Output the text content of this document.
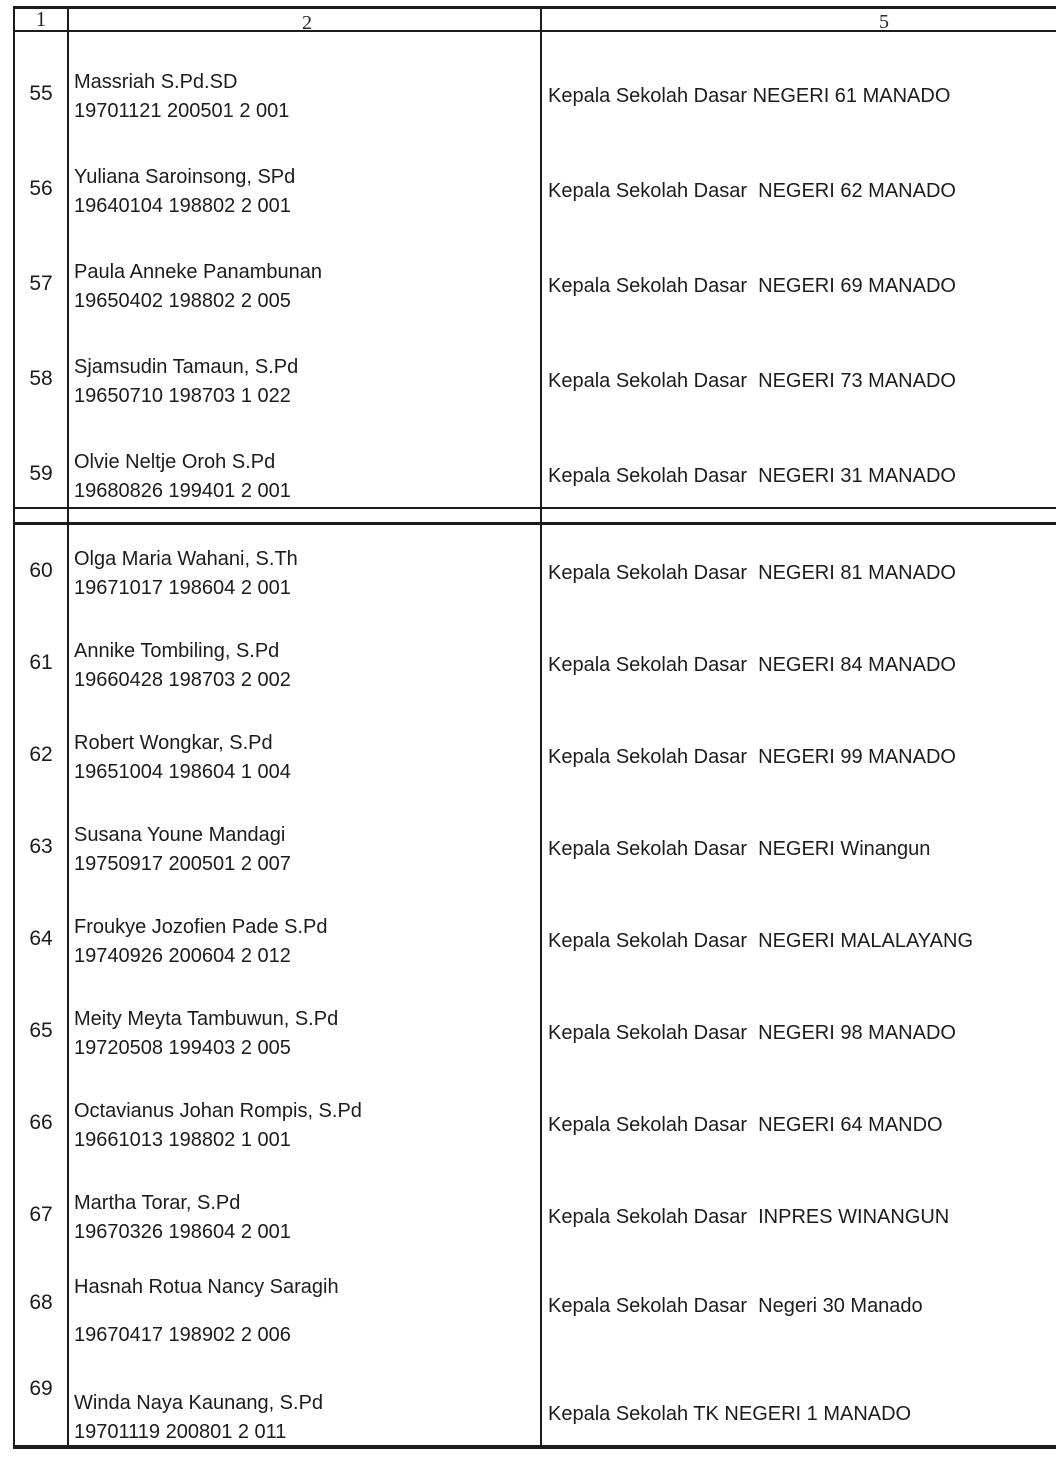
1	2	5
55	Massriah S.Pd.SD
19701121 200501 2 001
Kepala Sekolah Dasar NEGERI 61 MANADO
56	Yuliana Saroinsong, SPd
19640104 198802 2 001
Kepala Sekolah Dasar  NEGERI 62 MANADO
57	Paula Anneke Panambunan
19650402 198802 2 005
Kepala Sekolah Dasar  NEGERI 69 MANADO
58	Sjamsudin Tamaun, S.Pd
19650710 198703 1 022
Kepala Sekolah Dasar  NEGERI 73 MANADO
59	Olvie Neltje Oroh S.Pd
19680826 199401 2 001
Kepala Sekolah Dasar  NEGERI 31 MANADO
60	Olga Maria Wahani, S.Th
19671017 198604 2 001
Kepala Sekolah Dasar  NEGERI 81 MANADO
61	Annike Tombiling, S.Pd
19660428 198703 2 002
Kepala Sekolah Dasar  NEGERI 84 MANADO
62	Robert Wongkar, S.Pd
19651004 198604 1 004
Kepala Sekolah Dasar  NEGERI 99 MANADO
63	Susana Youne Mandagi
19750917 200501 2 007
Kepala Sekolah Dasar  NEGERI Winangun
64	Froukye Jozofien Pade S.Pd
19740926 200604 2 012
Kepala Sekolah Dasar  NEGERI MALALAYANG
65	Meity Meyta Tambuwun, S.Pd
19720508 199403 2 005
Kepala Sekolah Dasar  NEGERI 98 MANADO
66	Octavianus Johan Rompis, S.Pd
19661013 198802 1 001
Kepala Sekolah Dasar  NEGERI 64 MANDO
67	Martha Torar, S.Pd
19670326 198604 2 001
Kepala Sekolah Dasar  INPRES WINANGUN
68
Hasnah Rotua Nancy Saragih
19670417 198902 2 006
Kepala Sekolah Dasar  Negeri 30 Manado
69
Winda Naya Kaunang, S.Pd
19701119 200801 2 011
Kepala Sekolah TK NEGERI 1 MANADO
